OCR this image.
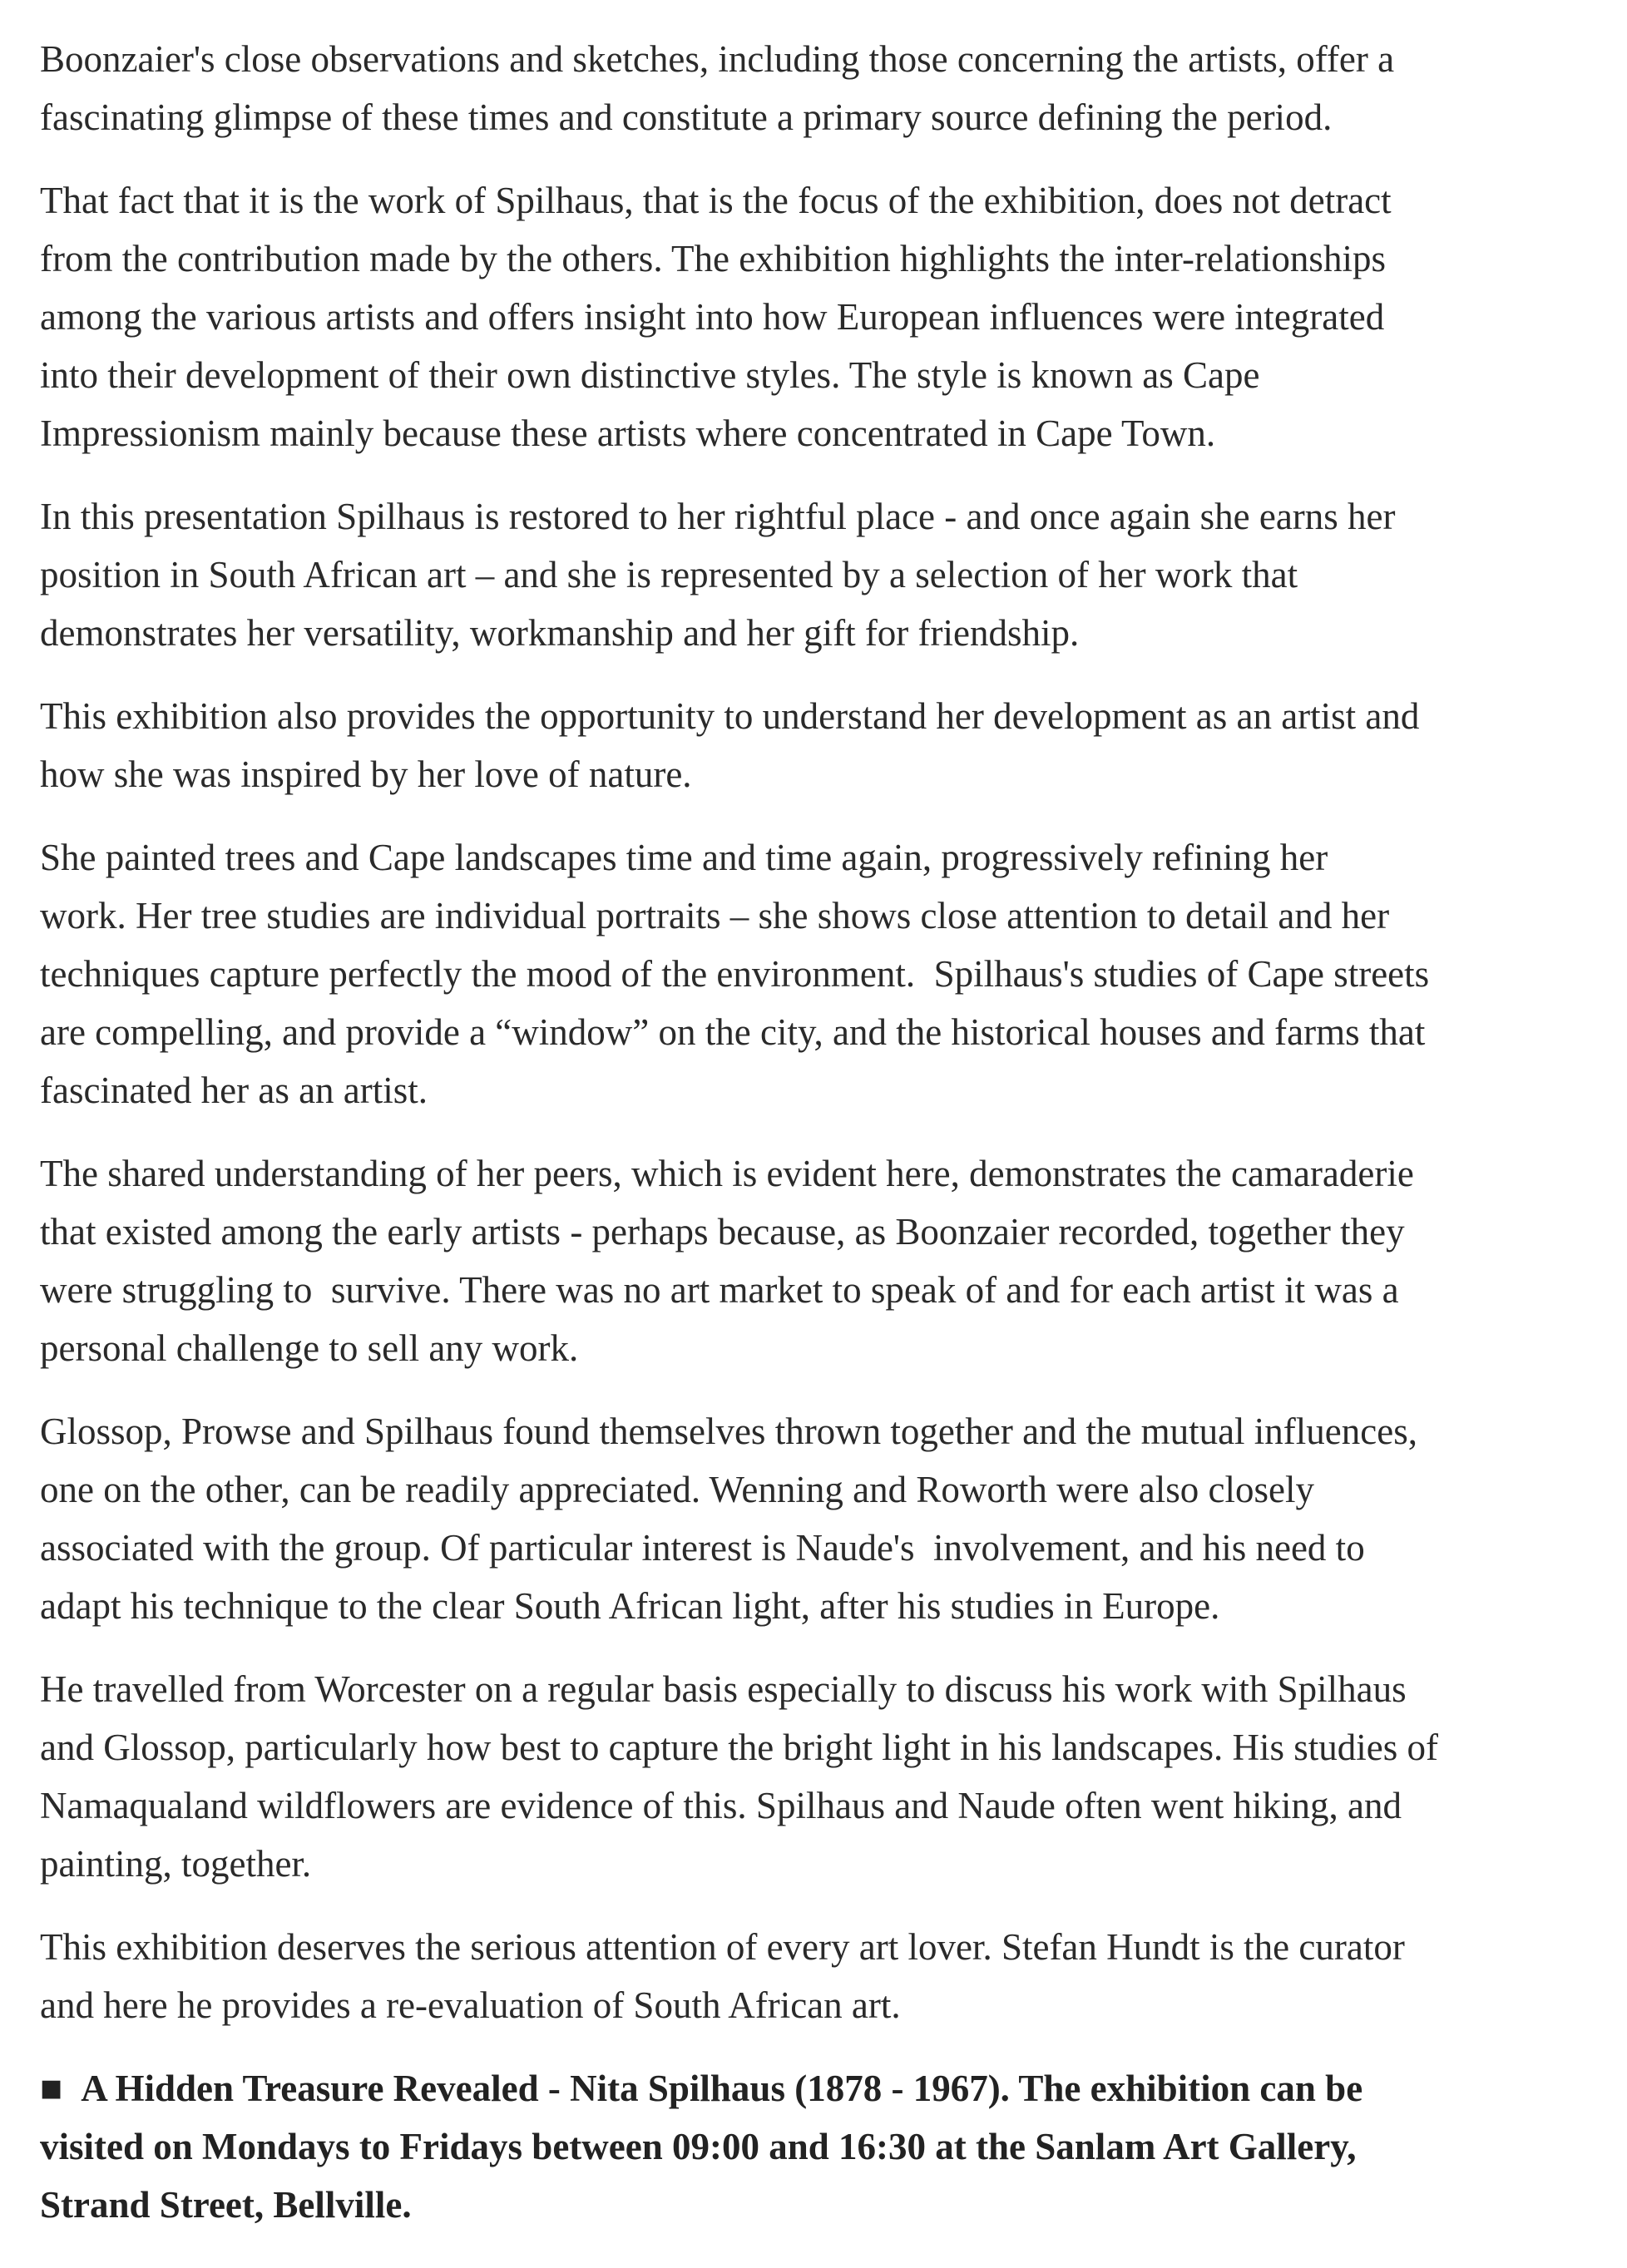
Boonzaier's close observations and sketches, including those concerning the artists, offer a
fascinating glimpse of these times and constitute a primary source defining the period.

That fact that it is the work of Spilhaus, that is the focus of the exhibition, does not detract
from the contribution made by the others. The exhibition highlights the inter-relationships
among the various artists and offers insight into how European influences were integrated
into their development of their own distinctive styles. The style is known as Cape
Impressionism mainly because these artists where concentrated in Cape Town.

In this presentation Spilhaus is restored to her rightful place - and once again she earns her
position in South African art – and she is represented by a selection of her work that
demonstrates her versatility, workmanship and her gift for friendship.

This exhibition also provides the opportunity to understand her development as an artist and
how she was inspired by her love of nature.

She painted trees and Cape landscapes time and time again, progressively refining her
work. Her tree studies are individual portraits – she shows close attention to detail and her
techniques capture perfectly the mood of the environment.  Spilhaus's studies of Cape streets
are compelling, and provide a “window” on the city, and the historical houses and farms that
fascinated her as an artist.

The shared understanding of her peers, which is evident here, demonstrates the camaraderie
that existed among the early artists - perhaps because, as Boonzaier recorded, together they
were struggling to  survive. There was no art market to speak of and for each artist it was a
personal challenge to sell any work.

Glossop, Prowse and Spilhaus found themselves thrown together and the mutual influences,
one on the other, can be readily appreciated. Wenning and Roworth were also closely
associated with the group. Of particular interest is Naude's  involvement, and his need to
adapt his technique to the clear South African light, after his studies in Europe.

He travelled from Worcester on a regular basis especially to discuss his work with Spilhaus
and Glossop, particularly how best to capture the bright light in his landscapes. His studies of
Namaqualand wildflowers are evidence of this. Spilhaus and Naude often went hiking, and
painting, together.

This exhibition deserves the serious attention of every art lover. Stefan Hundt is the curator
and here he provides a re-evaluation of South African art.

■ A Hidden Treasure Revealed - Nita Spilhaus (1878 - 1967). The exhibition can be
visited on Mondays to Fridays between 09:00 and 16:30 at the Sanlam Art Gallery,
Strand Street, Bellville.
